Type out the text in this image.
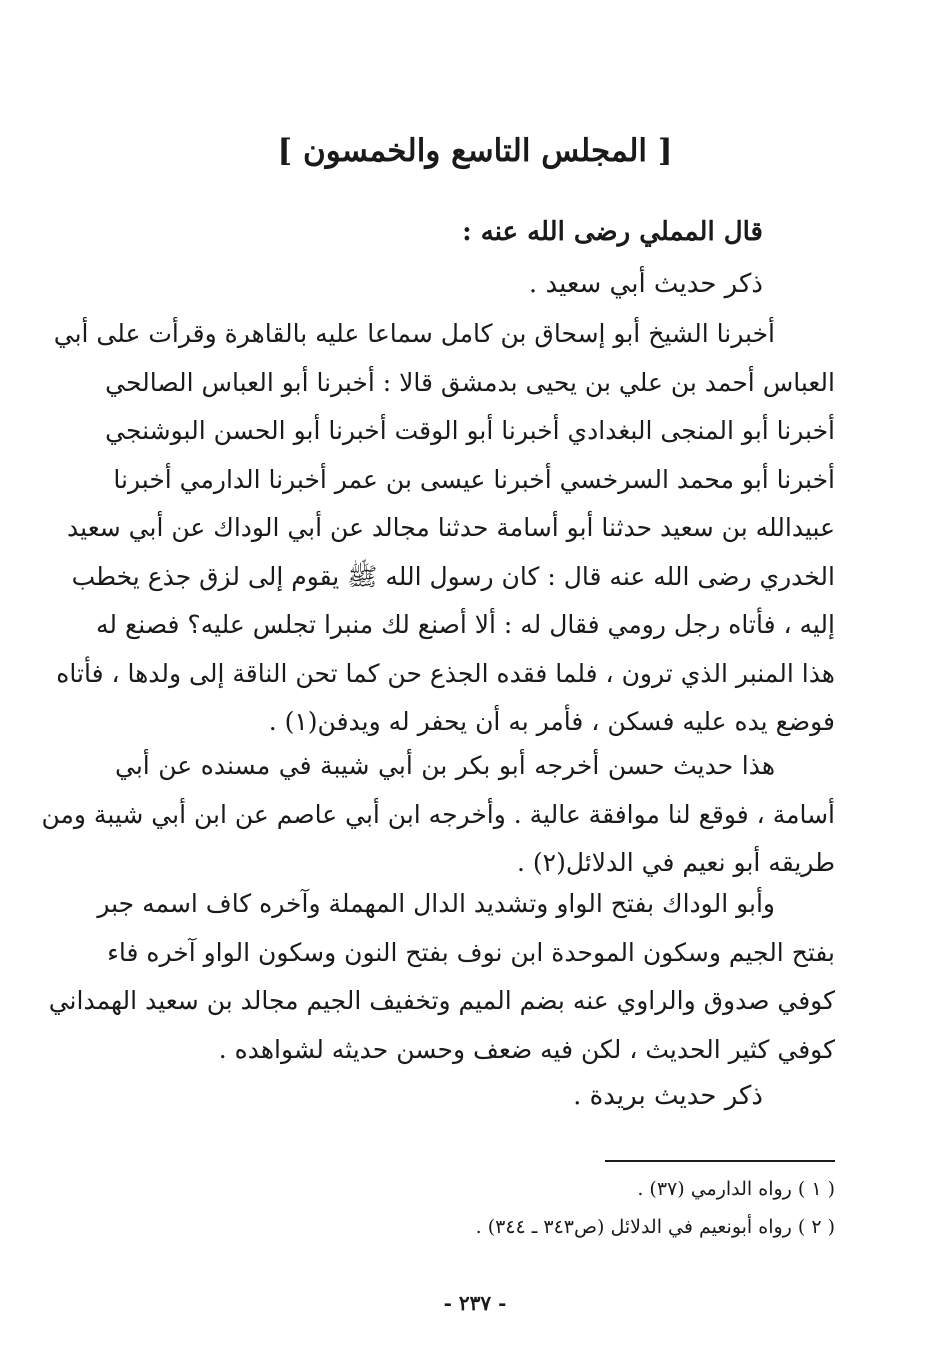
[ المجلس التاسع والخمسون ]
قال المملي رضى الله عنه :
ذكر حديث أبي سعيد .
أخبرنا الشيخ أبو إسحاق بن كامل سماعا عليه بالقاهرة وقرأت على أبي
العباس أحمد بن علي بن يحيى بدمشق قالا : أخبرنا أبو العباس الصالحي
أخبرنا أبو المنجى البغدادي أخبرنا أبو الوقت أخبرنا أبو الحسن البوشنجي
أخبرنا أبو محمد السرخسي أخبرنا عيسى بن عمر أخبرنا الدارمي أخبرنا
عبيدالله بن سعيد حدثنا أبو أسامة حدثنا مجالد عن أبي الوداك عن أبي سعيد
الخدري رضى الله عنه قال : كان رسول الله ﷺ يقوم إلى لزق جذع يخطب
إليه ، فأتاه رجل رومي فقال له : ألا أصنع لك منبرا تجلس عليه؟ فصنع له
هذا المنبر الذي ترون ، فلما فقده الجذع حن كما تحن الناقة إلى ولدها ، فأتاه
فوضع يده عليه فسكن ، فأمر به أن يحفر له ويدفن(١) .
هذا حديث حسن أخرجه أبو بكر بن أبي شيبة في مسنده عن أبي
أسامة ، فوقع لنا موافقة عالية . وأخرجه ابن أبي عاصم عن ابن أبي شيبة ومن
طريقه أبو نعيم في الدلائل(٢) .
وأبو الوداك بفتح الواو وتشديد الدال المهملة وآخره كاف اسمه جبر
بفتح الجيم وسكون الموحدة ابن نوف بفتح النون وسكون الواو آخره فاء
كوفي صدوق والراوي عنه بضم الميم وتخفيف الجيم مجالد بن سعيد الهمداني
كوفي كثير الحديث ، لكن فيه ضعف وحسن حديثه لشواهده .
ذكر حديث بريدة .
( ١ ) رواه الدارمي (٣٧) .
( ٢ ) رواه أبونعيم في الدلائل (ص٣٤٣ ـ ٣٤٤) .
- ٢٣٧ -
